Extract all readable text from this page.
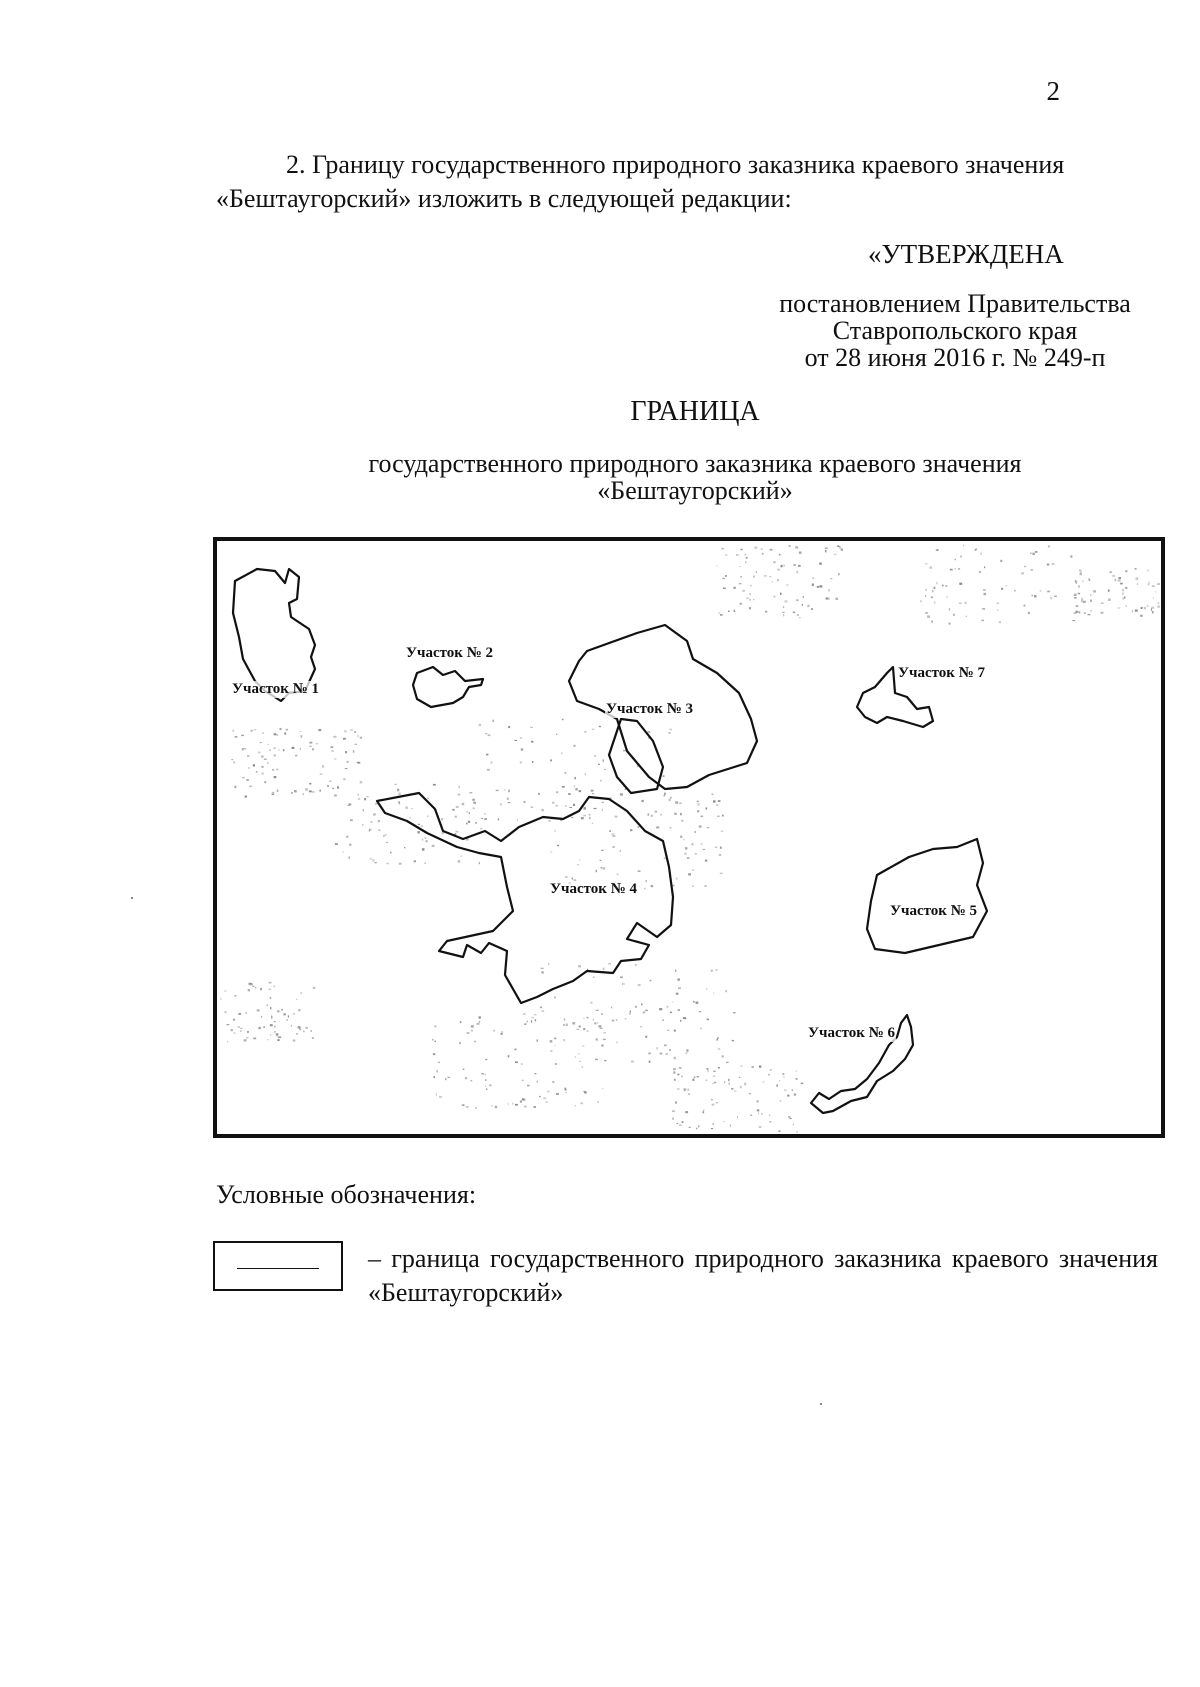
2
2. Границу государственного природного заказника краевого значения
«Бештаугорский» изложить в следующей редакции:
«УТВЕРЖДЕНА
постановлением Правительства
Ставропольского края
от 28 июня 2016 г. № 249-п
ГРАНИЦА
государственного природного заказника краевого значения
«Бештаугорский»
Участок № 1
Участок № 2
Участок № 3
Участок № 4
Участок № 5
Участок № 6
Участок № 7
Условные обозначения:
– граница государственного природного заказника краевого значения «Бештаугорский»
